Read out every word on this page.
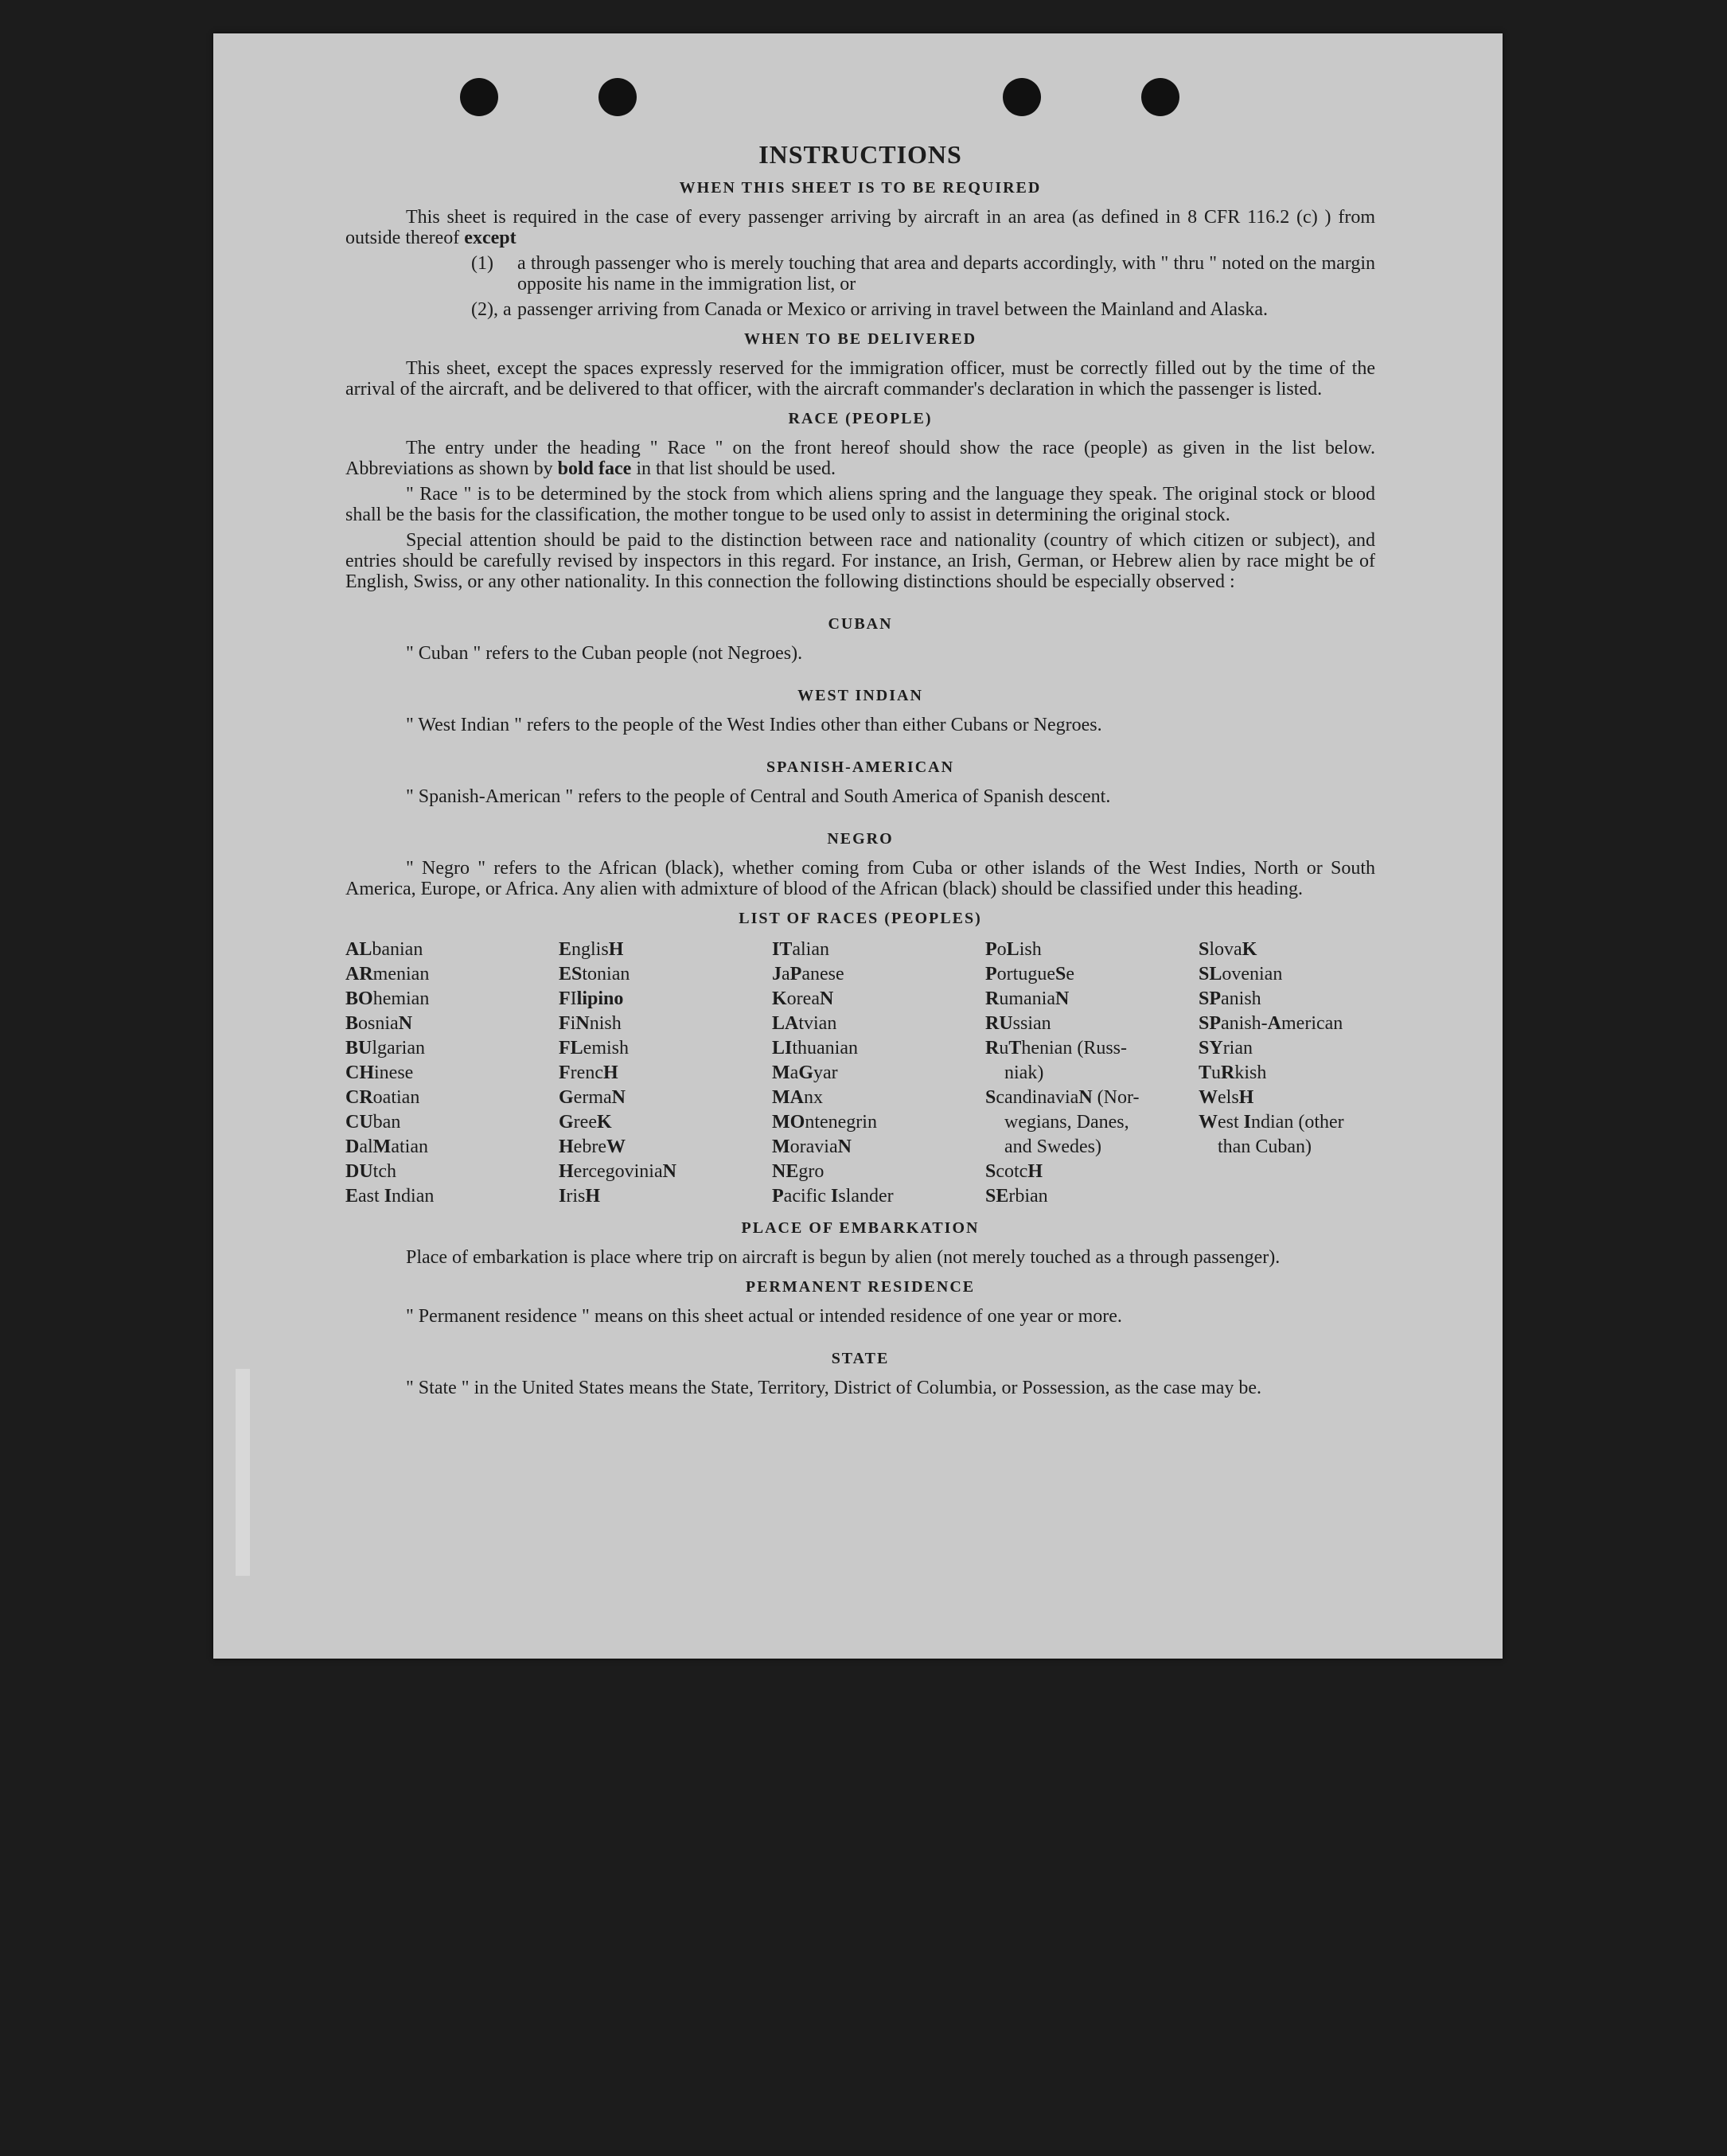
INSTRUCTIONS
WHEN THIS SHEET IS TO BE REQUIRED

This sheet is required in the case of every passenger arriving by aircraft in an area (as defined in 8 CFR 116.2 (c) ) from outside thereof except

(1)	a through passenger who is merely touching that area and departs accordingly, with " thru " noted on the margin opposite his name in the immigration list, or
(2), a passenger arriving from Canada or Mexico or arriving in travel between the Mainland and Alaska.
WHEN TO BE DELIVERED

This sheet, except the spaces expressly reserved for the immigration officer, must be correctly filled out by the time of the arrival of the aircraft, and be delivered to that officer, with the aircraft commander's declaration in which the passenger is listed.

RACE (PEOPLE)

The entry under the heading " Race " on the front hereof should show the race (people) as given in the list below. Abbreviations as shown by bold face in that list should be used.

" Race " is to be determined by the stock from which aliens spring and the language they speak. The original stock or blood shall be the basis for the classification, the mother tongue to be used only to assist in determining the original stock.

Special attention should be paid to the distinction between race and nationality (country of which citizen or subject), and entries should be carefully revised by inspectors in this regard. For instance, an Irish, German, or Hebrew alien by race might be of English, Swiss, or any other nationality. In this connection the following distinctions should be especially observed :

CUBAN

" Cuban " refers to the Cuban people (not Negroes).

WEST INDIAN

" West Indian " refers to the people of the West Indies other than either Cubans or Negroes.

SPANISH-AMERICAN

" Spanish-American " refers to the people of Central and South America of Spanish descent.

NEGRO

" Negro " refers to the African (black), whether coming from Cuba or other islands of the West Indies, North or South America, Europe, or Africa. Any alien with admixture of blood of the African (black) should be classified under this heading.

LIST OF RACES (PEOPLES)
ALbanian
ARmenian
BOhemian
BosniaN
BUlgarian
CHinese
CRoatian
CUban
DalMatian
DUtch
East Indian
EnglisH
EStonian
FIlipino
FiNnish
FLemish
FrencH
GermaN
GreeK
HebreW
HercegoviniaN
IrisH
ITalian
JaPanese
KoreaN
LAtvian
LIthuanian
MaGyar
MAnx
MOntenegrin
MoraviaN
NEgro
Pacific Islander
PoLish
PortugueSe
RumaniaN
RUssian
RuThenian (Russ-
niak)
ScandinaviaN (Nor-
wegians, Danes,
and Swedes)
ScotcH
SErbian
SlovaK
SLovenian
SPanish
SPanish-American
SYrian
TuRkish
WelsH
West Indian (other
than Cuban)
PLACE OF EMBARKATION

Place of embarkation is place where trip on aircraft is begun by alien (not merely touched as a through passenger).

PERMANENT RESIDENCE

" Permanent residence " means on this sheet actual or intended residence of one year or more.

STATE

" State " in the United States means the State, Territory, District of Columbia, or Possession, as the case may be.
